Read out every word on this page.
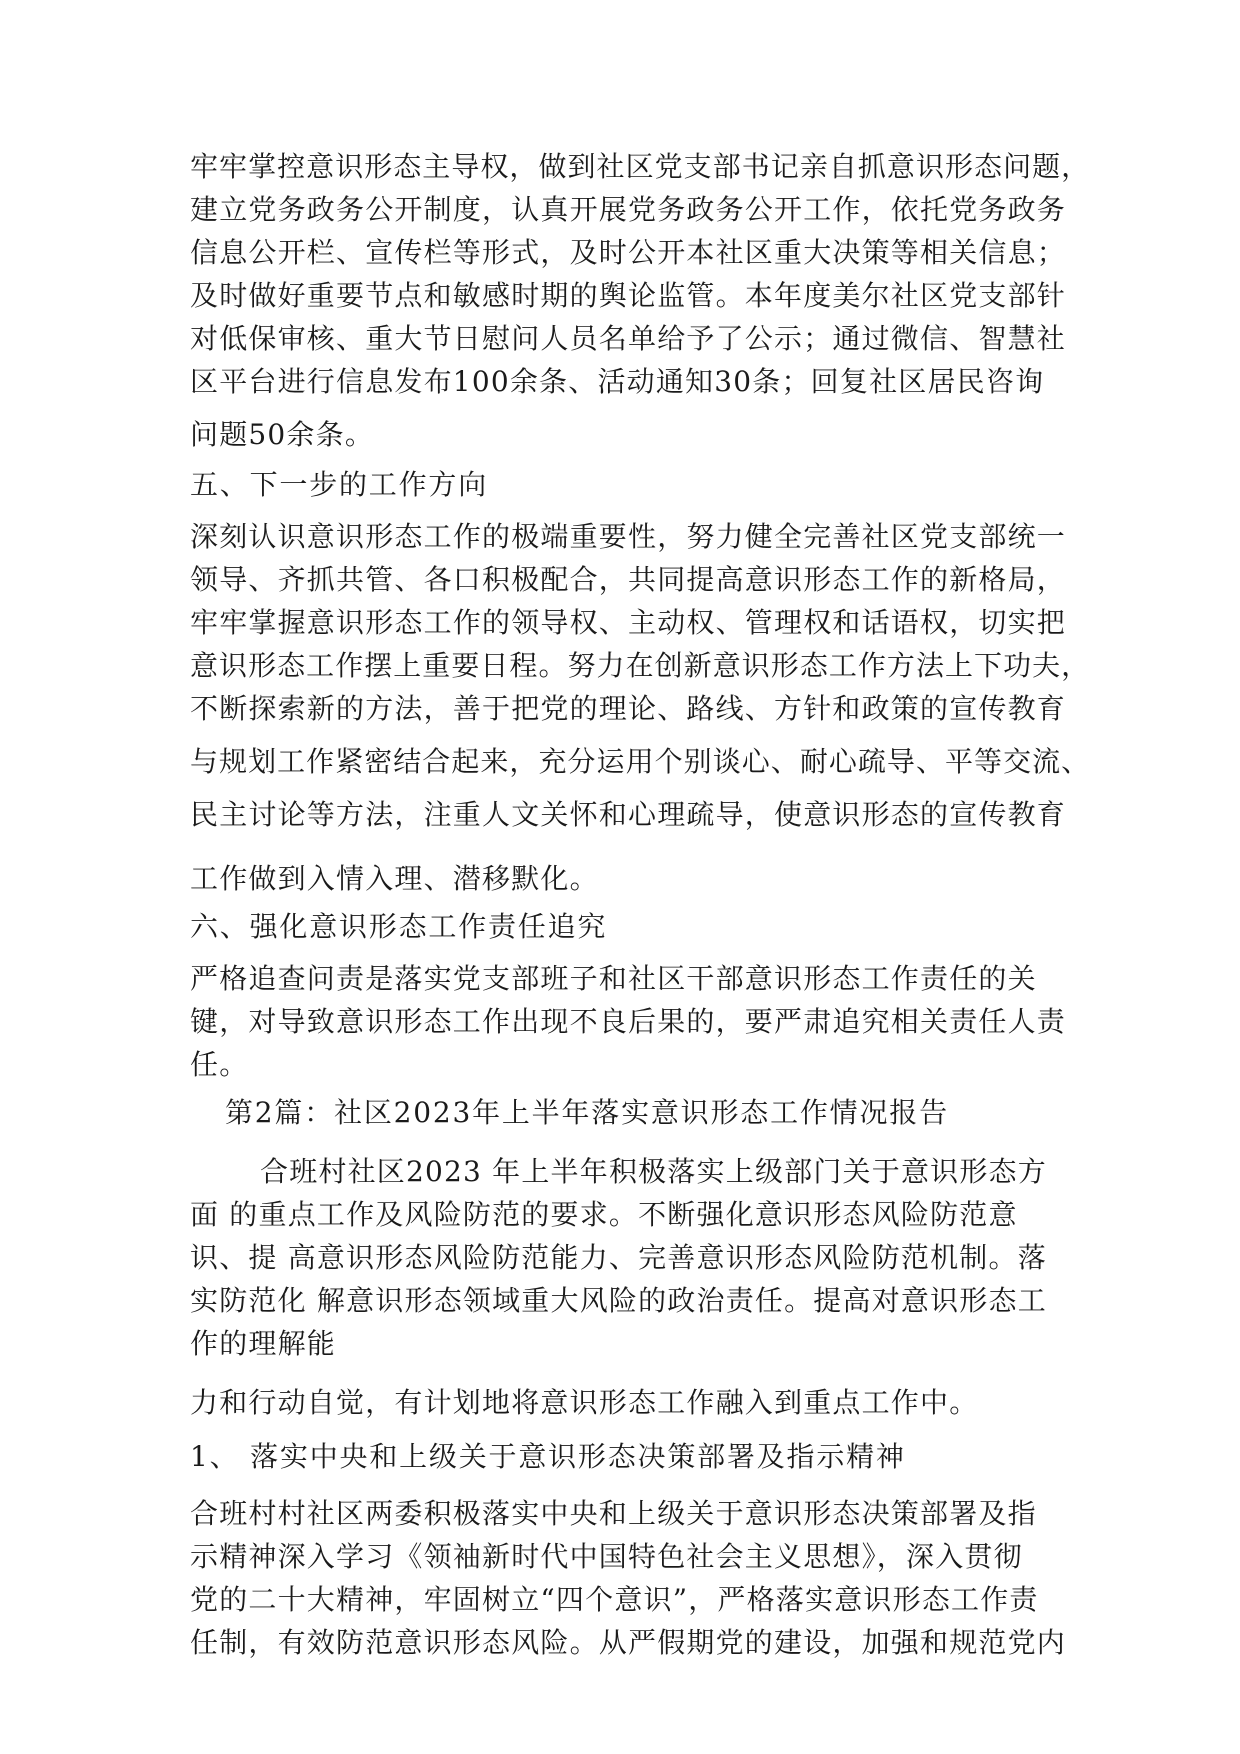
牢牢掌控意识形态主导权，做到社区党支部书记亲自抓意识形态问题，
建立党务政务公开制度，认真开展党务政务公开工作，依托党务政务
信息公开栏、宣传栏等形式，及时公开本社区重大决策等相关信息；
及时做好重要节点和敏感时期的舆论监管。本年度美尔社区党支部针
对低保审核、重大节日慰问人员名单给予了公示；通过微信、智慧社
区平台进行信息发布100余条、活动通知30条；回复社区居民咨询
问题50余条。
五、下一步的工作方向
深刻认识意识形态工作的极端重要性，努力健全完善社区党支部统一
领导、齐抓共管、各口积极配合，共同提高意识形态工作的新格局，
牢牢掌握意识形态工作的领导权、主动权、管理权和话语权，切实把
意识形态工作摆上重要日程。努力在创新意识形态工作方法上下功夫，
不断探索新的方法，善于把党的理论、路线、方针和政策的宣传教育
与规划工作紧密结合起来，充分运用个别谈心、耐心疏导、平等交流、
民主讨论等方法，注重人文关怀和心理疏导，使意识形态的宣传教育
工作做到入情入理、潜移默化。
六、强化意识形态工作责任追究
严格追查问责是落实党支部班子和社区干部意识形态工作责任的关
键，对导致意识形态工作出现不良后果的，要严肃追究相关责任人责
任。
第2篇：社区2023年上半年落实意识形态工作情况报告
合班村社区2023 年上半年积极落实上级部门关于意识形态方
面 的重点工作及风险防范的要求。不断强化意识形态风险防范意
识、提 高意识形态风险防范能力、完善意识形态风险防范机制。落
实防范化 解意识形态领域重大风险的政治责任。提高对意识形态工
作的理解能
力和行动自觉，有计划地将意识形态工作融入到重点工作中。
1、 落实中央和上级关于意识形态决策部署及指示精神
合班村村社区两委积极落实中央和上级关于意识形态决策部署及指
示精神深入学习《领袖新时代中国特色社会主义思想》，深入贯彻
党的二十大精神，牢固树立“四个意识”，严格落实意识形态工作责
任制，有效防范意识形态风险。从严假期党的建设，加强和规范党内
